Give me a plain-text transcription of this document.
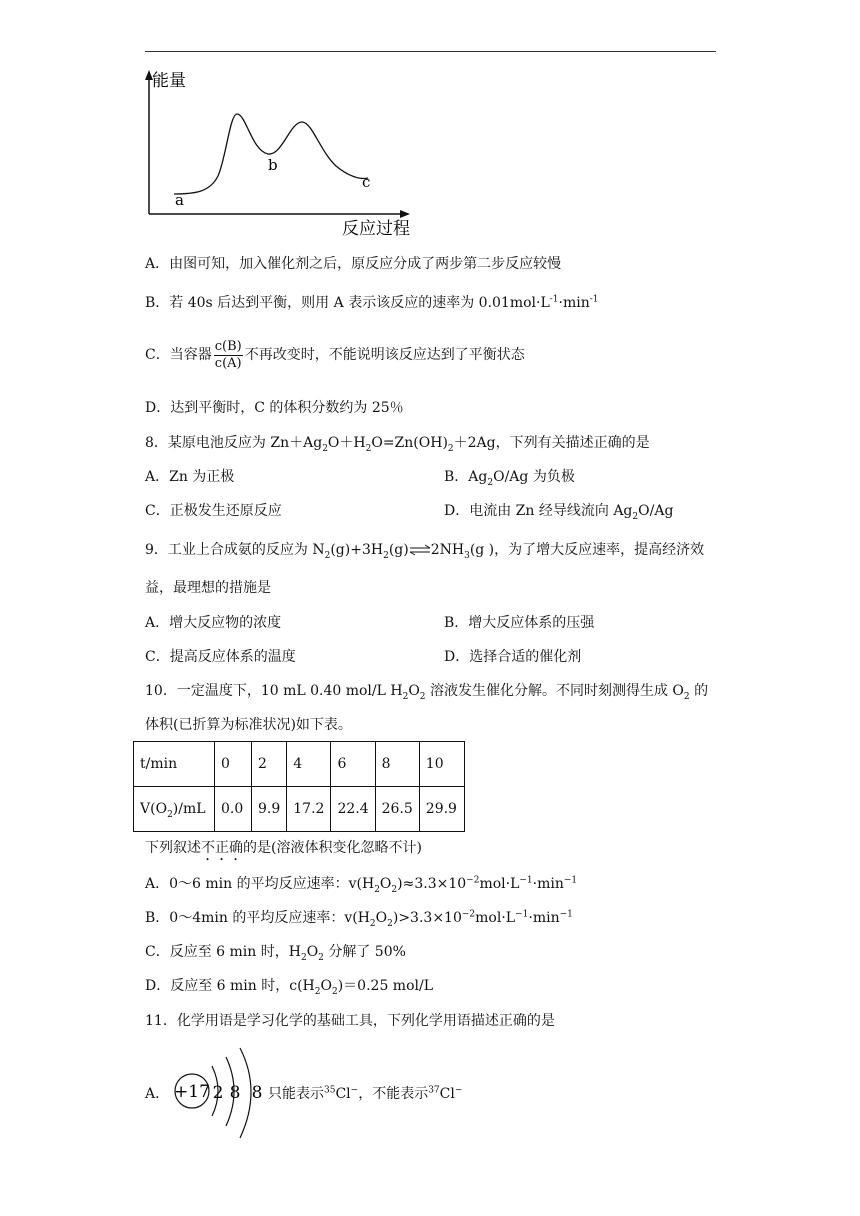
能量
反应过程
a
b
c
A．由图可知，加入催化剂之后，原反应分成了两步第二步反应较慢
B．若 40s 后达到平衡，则用 A 表示该反应的速率为 $0.01mol\cdot L^{-1}\cdot\min^{-1}$
C．当容器 $\frac{c(B)}{c(A)}$ 不再改变时，不能说明该反应达到了平衡状态
D．达到平衡时，C 的体积分数约为 25％
8．某原电池反应为 $Zn+Ag_2O+H_2O=Zn(OH)_2+2Ag$，下列有关描述正确的是
A．Zn 为正极	B．$Ag_2O/Ag$ 为负极
C．正极发生还原反应	D．电流由 Zn 经导线流向 $Ag_2O/Ag$
9．工业上合成氨的反应为 $N_2(g)+3H_2(g)\rightleftharpoons 2NH_3(g$ )，为了增大反应速率，提高经济效
益，最理想的措施是
A．增大反应物的浓度	B．增大反应体系的压强
C．提高反应体系的温度	D．选择合适的催化剂
10．一定温度下，10 mL 0.40 mol/L $H_2O_2$ 溶液发生催化分解。不同时刻测得生成 $O_2$ 的
体积(已折算为标准状况)如下表。
t/min	0	2	4	6	8	10
$V(O_2)/mL$	0.0	9.9	17.2	22.4	26.5	29.9
下列叙述不正确的是(溶液体积变化忽略不计)
A．0～6 min 的平均反应速率：$v(H_2O_2)\approx 3.3\times 10^{-2}mol\cdot L^{-1}\cdot\min^{-1}$
B．0～4min 的平均反应速率：$v(H_2O_2)>3.3\times 10^{-2}mol\cdot L^{-1}\cdot\min^{-1}$
C．反应至 6 min 时，$H_2O_2$ 分解了 50%
D．反应至 6 min 时，$c(H_2O_2)=0.25$ mol/L
11．化学用语是学习化学的基础工具，下列化学用语描述正确的是
A． +17 2 8 8 只能表示$^{35}$Cl−，不能表示$^{37}$Cl−
